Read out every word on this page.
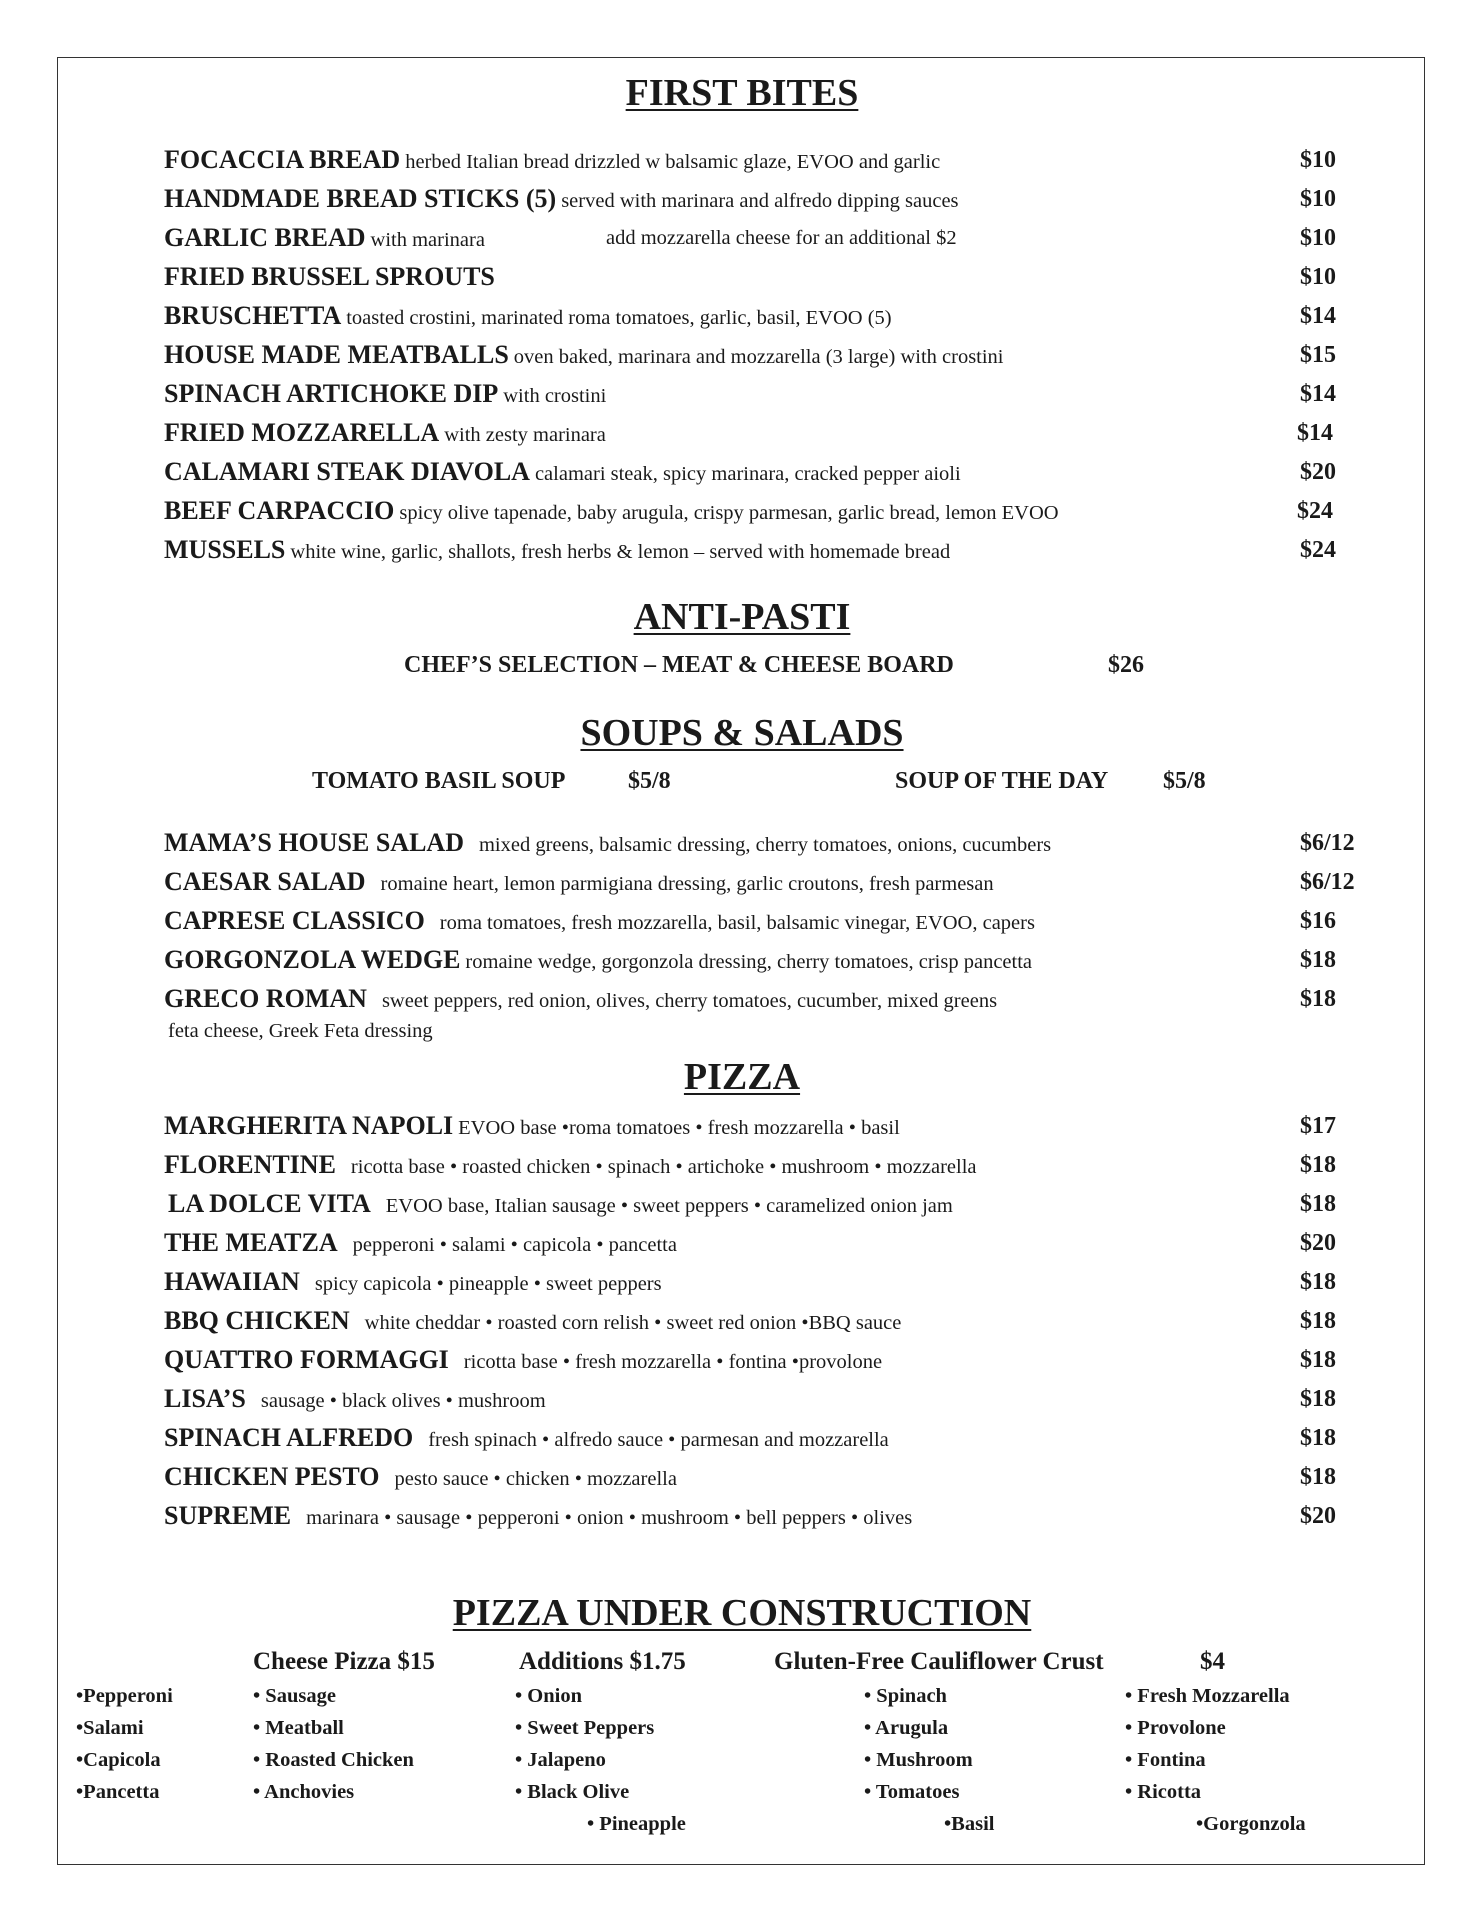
FIRST BITES
FOCACCIA BREAD herbed Italian bread drizzled w balsamic glaze, EVOO and garlic	$10
HANDMADE BREAD STICKS (5) served with marinara and alfredo dipping sauces	$10
GARLIC BREAD with marinara	add mozzarella cheese for an additional $2	$10
FRIED BRUSSEL SPROUTS	$10
BRUSCHETTA toasted crostini, marinated roma tomatoes, garlic, basil, EVOO (5)	$14
HOUSE MADE MEATBALLS oven baked, marinara and mozzarella (3 large) with crostini	$15
SPINACH ARTICHOKE DIP with crostini	$14
FRIED MOZZARELLA with zesty marinara	$14
CALAMARI STEAK DIAVOLA calamari steak, spicy marinara, cracked pepper aioli	$20
BEEF CARPACCIO spicy olive tapenade, baby arugula, crispy parmesan, garlic bread, lemon EVOO	$24
MUSSELS white wine, garlic, shallots, fresh herbs & lemon – served with homemade bread	$24
ANTI-PASTI
CHEF’S SELECTION – MEAT & CHEESE BOARD	$26
SOUPS & SALADS
TOMATO BASIL SOUP	$5/8	SOUP OF THE DAY $5/8
MAMA’S HOUSE SALAD mixed greens, balsamic dressing, cherry tomatoes, onions, cucumbers	$6/12
CAESAR SALAD romaine heart, lemon parmigiana dressing, garlic croutons, fresh parmesan	$6/12
CAPRESE CLASSICO roma tomatoes, fresh mozzarella, basil, balsamic vinegar, EVOO, capers	$16
GORGONZOLA WEDGE romaine wedge, gorgonzola dressing, cherry tomatoes, crisp pancetta	$18
GRECO ROMAN sweet peppers, red onion, olives, cherry tomatoes, cucumber, mixed greens	$18
feta cheese, Greek Feta dressing
PIZZA
MARGHERITA NAPOLI EVOO base •roma tomatoes • fresh mozzarella • basil	$17
FLORENTINE ricotta base • roasted chicken • spinach • artichoke • mushroom • mozzarella	$18
LA DOLCE VITA EVOO base, Italian sausage • sweet peppers • caramelized onion jam	$18
THE MEATZA pepperoni • salami • capicola • pancetta	$20
HAWAIIAN spicy capicola • pineapple • sweet peppers	$18
BBQ CHICKEN white cheddar • roasted corn relish • sweet red onion •BBQ sauce	$18
QUATTRO FORMAGGI ricotta base • fresh mozzarella • fontina •provolone	$18
LISA’S sausage • black olives • mushroom	$18
SPINACH ALFREDO fresh spinach • alfredo sauce • parmesan and mozzarella	$18
CHICKEN PESTO pesto sauce • chicken • mozzarella	$18
SUPREME marinara • sausage • pepperoni • onion • mushroom • bell peppers • olives	$20
PIZZA UNDER CONSTRUCTION
Cheese Pizza $15	Additions $1.75	Gluten-Free Cauliflower Crust	$4
•Pepperoni
•Salami
•Capicola
•Pancetta
• Sausage
• Meatball
• Roasted Chicken
• Anchovies
• Onion
• Sweet Peppers
• Jalapeno
• Black Olive
• Pineapple
• Spinach
• Arugula
• Mushroom
• Tomatoes
•Basil
• Fresh Mozzarella
• Provolone
• Fontina
• Ricotta
•Gorgonzola
